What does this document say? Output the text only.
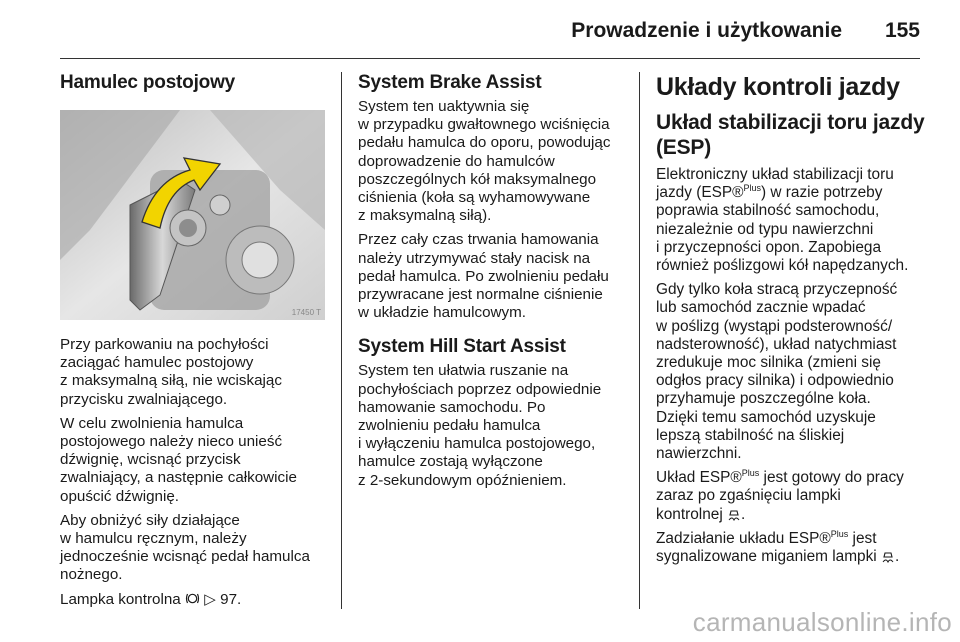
Prowadzenie i użytkowanie 155
Hamulec postojowy
17450 T

Przy parkowaniu na pochyłości
zaciągać hamulec postojowy
z maksymalną siłą, nie wciskając
przycisku zwalniającego.

W celu zwolnienia hamulca
postojowego należy nieco unieść
dźwignię, wcisnąć przycisk
zwalniający, a następnie całkowicie
opuścić dźwignię.

Aby obniżyć siły działające
w hamulcu ręcznym, należy
jednocześnie wcisnąć pedał hamulca
nożnego.

Lampka kontrolna ▷ 97.

System Brake Assist

System ten uaktywnia się
w przypadku gwałtownego wciśnięcia
pedału hamulca do oporu, powodując
doprowadzenie do hamulców
poszczególnych kół maksymalnego
ciśnienia (koła są wyhamowywane
z maksymalną siłą).

Przez cały czas trwania hamowania
należy utrzymywać stały nacisk na
pedał hamulca. Po zwolnieniu pedału
przywracane jest normalne ciśnienie
w układzie hamulcowym.

System Hill Start Assist

System ten ułatwia ruszanie na
pochyłościach poprzez odpowiednie
hamowanie samochodu. Po
zwolnieniu pedału hamulca
i wyłączeniu hamulca postojowego,
hamulce zostają wyłączone
z 2-sekundowym opóźnieniem.

Układy kontroli jazdy
Układ stabilizacji toru jazdy
(ESP)

Elektroniczny układ stabilizacji toru
jazdy (ESP®$^{Plus}$) w razie potrzeby
poprawia stabilność samochodu,
niezależnie od typu nawierzchni
i przyczepności opon. Zapobiega
również poślizgowi kół napędzanych.

Gdy tylko koła stracą przyczepność
lub samochód zacznie wpadać
w poślizg (wystąpi podsterowność/
nadsterowność), układ natychmiast
zredukuje moc silnika (zmieni się
odgłos pracy silnika) i odpowiednio
przyhamuje poszczególne koła.
Dzięki temu samochód uzyskuje
lepszą stabilność na śliskiej
nawierzchni.

Układ ESP®$^{Plus}$ jest gotowy do pracy
zaraz po zgaśnięciu lampki
kontrolnej .

Zadziałanie układu ESP®$^{Plus}$ jest
sygnalizowane miganiem lampki .

carmanualsonline.info
